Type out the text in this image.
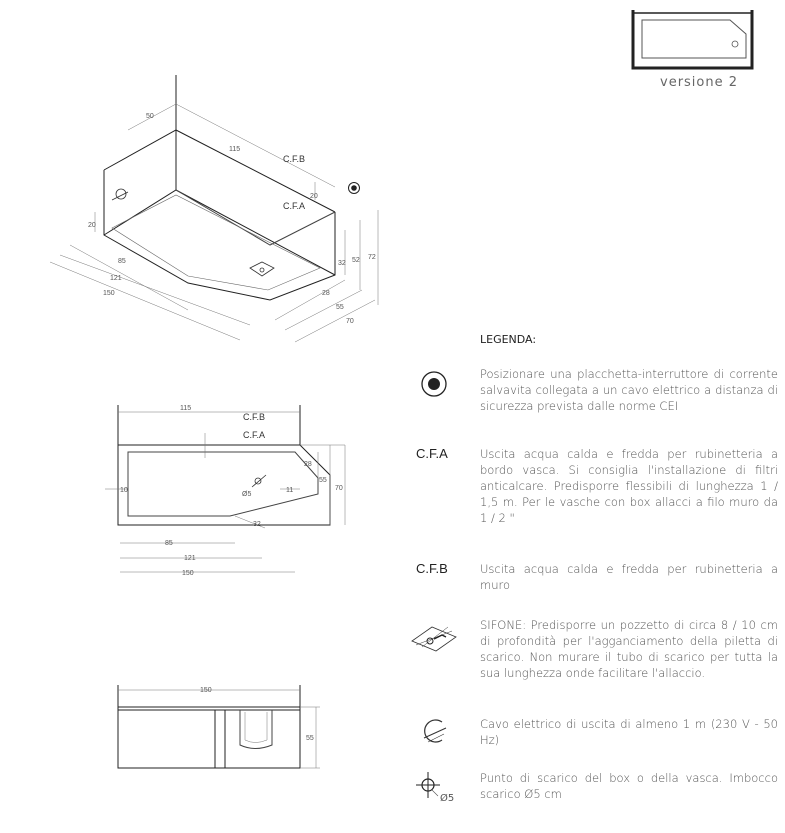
versione 2
C.F.B
C.F.A
50
115
20
20
85
121
150
32 52 72
28
55
70
C.F.B
C.F.A
Ø5
115
10	11
28
55
70
32
85
121
150
150
55
LEGENDA:
Posizionare una placchetta-interruttore di corrente salvavita collegata a un cavo elettrico a distanza di sicurezza prevista dalle norme CEI
C.F.A	Uscita acqua calda e fredda per rubinetteria a bordo vasca. Si consiglia l'installazione di filtri anticalcare. Predisporre flessibili di lunghezza 1 / 1,5 m. Per le vasche con box allacci a filo muro da 1 / 2 "
C.F.B	Uscita acqua calda e fredda per rubinetteria a muro
SIFONE: Predisporre un pozzetto di circa 8 / 10 cm di profondità per l'agganciamento della piletta di scarico. Non murare il tubo di scarico per tutta la sua lunghezza onde facilitare l'allaccio.
Cavo elettrico di uscita di almeno 1 m (230 V - 50 Hz)
Ø5
Punto di scarico del box o della vasca. Imbocco scarico Ø5 cm
